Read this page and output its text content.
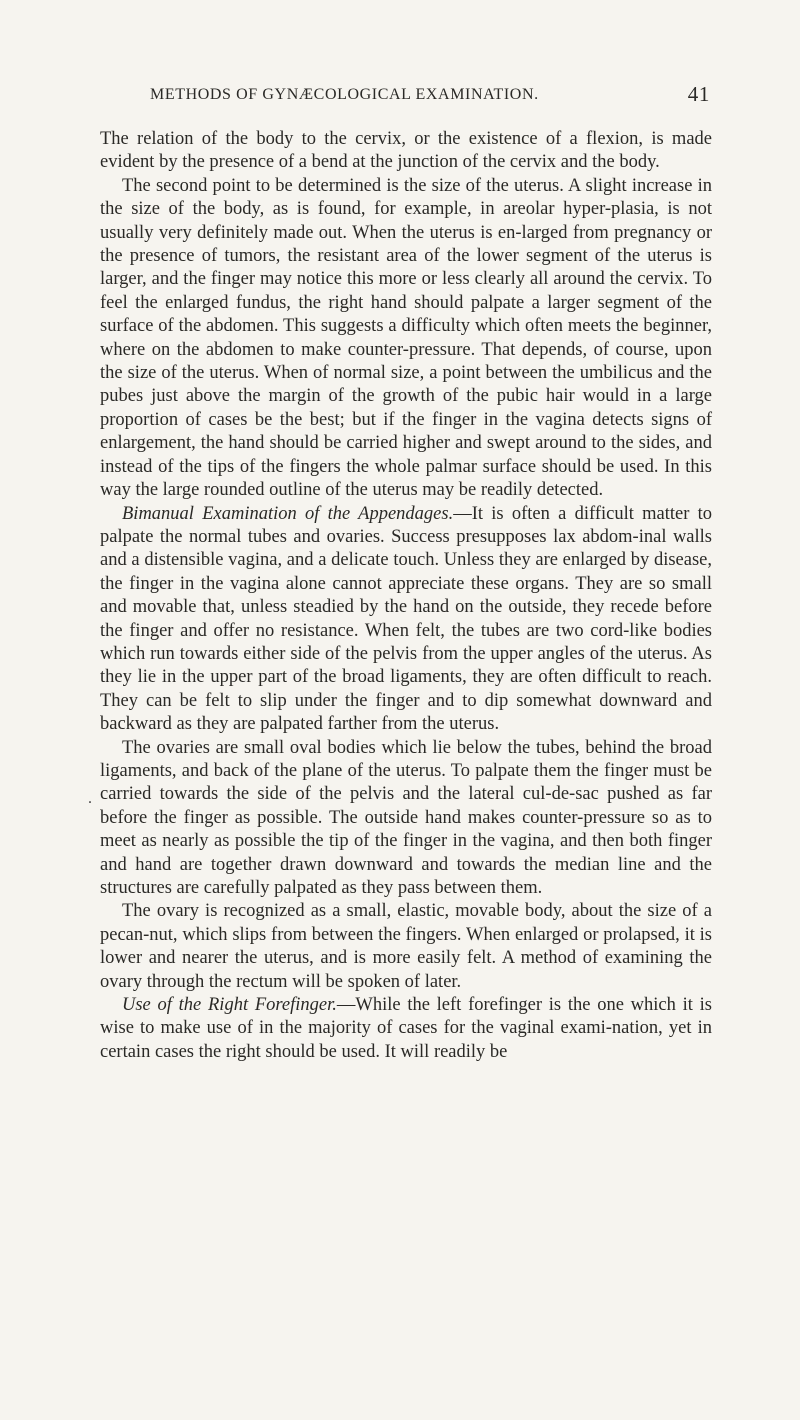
METHODS OF GYNÆCOLOGICAL EXAMINATION.	41
.

The relation of the body to the cervix, or the existence of a flexion, is made evident by the presence of a bend at the junction of the cervix and the body.

The second point to be determined is the size of the uterus. A slight increase in the size of the body, as is found, for example, in areolar hyper-plasia, is not usually very definitely made out. When the uterus is en-larged from pregnancy or the presence of tumors, the resistant area of the lower segment of the uterus is larger, and the finger may notice this more or less clearly all around the cervix. To feel the enlarged fundus, the right hand should palpate a larger segment of the surface of the abdomen. This suggests a difficulty which often meets the beginner, where on the abdomen to make counter-pressure. That depends, of course, upon the size of the uterus. When of normal size, a point between the umbilicus and the pubes just above the margin of the growth of the pubic hair would in a large proportion of cases be the best; but if the finger in the vagina detects signs of enlargement, the hand should be carried higher and swept around to the sides, and instead of the tips of the fingers the whole palmar surface should be used. In this way the large rounded outline of the uterus may be readily detected.

Bimanual Examination of the Appendages.—It is often a difficult matter to palpate the normal tubes and ovaries. Success presupposes lax abdom-inal walls and a distensible vagina, and a delicate touch. Unless they are enlarged by disease, the finger in the vagina alone cannot appreciate these organs. They are so small and movable that, unless steadied by the hand on the outside, they recede before the finger and offer no resistance. When felt, the tubes are two cord-like bodies which run towards either side of the pelvis from the upper angles of the uterus. As they lie in the upper part of the broad ligaments, they are often difficult to reach. They can be felt to slip under the finger and to dip somewhat downward and backward as they are palpated farther from the uterus.

The ovaries are small oval bodies which lie below the tubes, behind the broad ligaments, and back of the plane of the uterus. To palpate them the finger must be carried towards the side of the pelvis and the lateral cul-de-sac pushed as far before the finger as possible. The outside hand makes counter-pressure so as to meet as nearly as possible the tip of the finger in the vagina, and then both finger and hand are together drawn downward and towards the median line and the structures are carefully palpated as they pass between them.

The ovary is recognized as a small, elastic, movable body, about the size of a pecan-nut, which slips from between the fingers. When enlarged or prolapsed, it is lower and nearer the uterus, and is more easily felt. A method of examining the ovary through the rectum will be spoken of later.

Use of the Right Forefinger.—While the left forefinger is the one which it is wise to make use of in the majority of cases for the vaginal exami-nation, yet in certain cases the right should be used. It will readily be
